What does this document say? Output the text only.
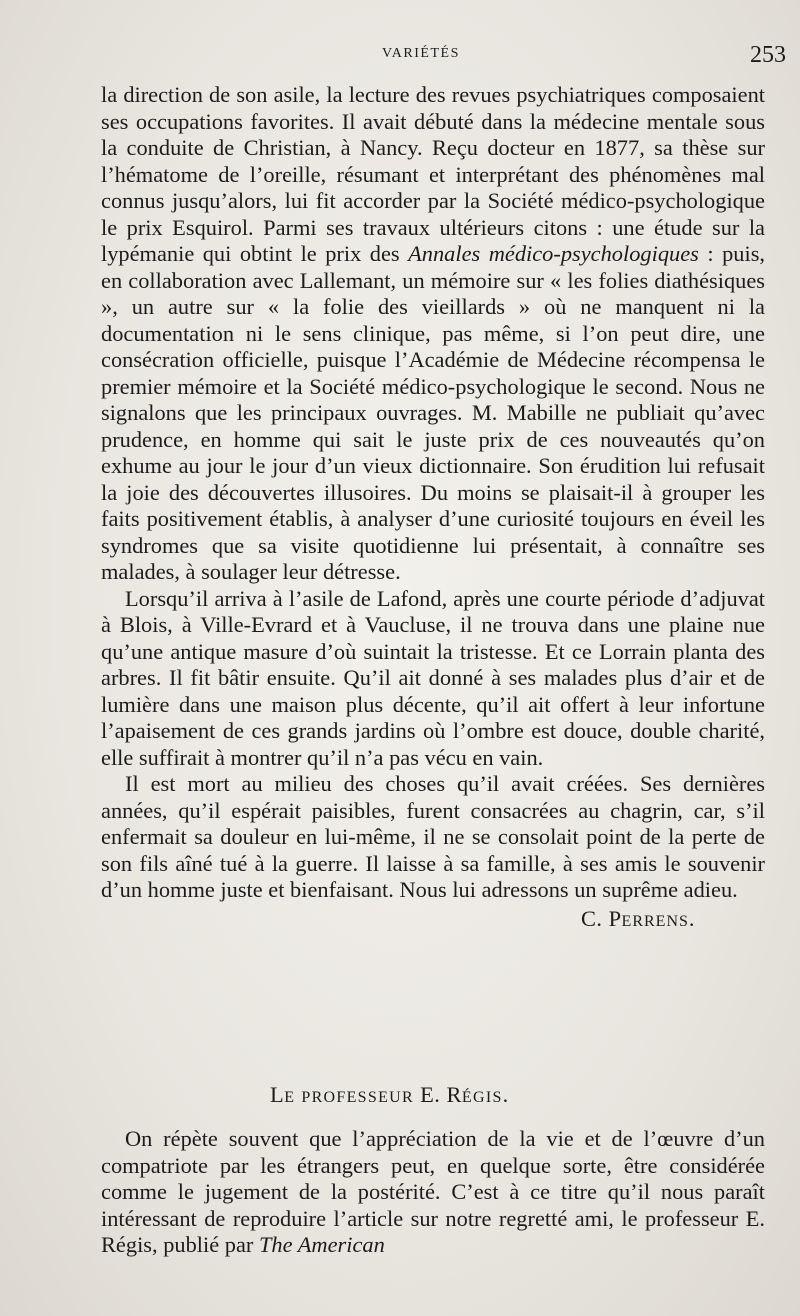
VARIÉTÉS	253

la direction de son asile, la lecture des revues psychiatriques composaient ses occupations favorites. Il avait débuté dans la médecine mentale sous la conduite de Christian, à Nancy. Reçu docteur en 1877, sa thèse sur l’hématome de l’oreille, résumant et interprétant des phénomènes mal connus jusqu’alors, lui fit accorder par la Société médico-psychologique le prix Esquirol. Parmi ses travaux ultérieurs citons : une étude sur la lypémanie qui obtint le prix des Annales médico-psychologiques : puis, en collaboration avec Lallemant, un mémoire sur « les folies diathésiques », un autre sur « la folie des vieillards » où ne manquent ni la documentation ni le sens clinique, pas même, si l’on peut dire, une consécration officielle, puisque l’Académie de Médecine récompensa le premier mémoire et la Société médico-psychologique le second. Nous ne signalons que les principaux ouvrages. M. Mabille ne publiait qu’avec prudence, en homme qui sait le juste prix de ces nouveautés qu’on exhume au jour le jour d’un vieux dictionnaire. Son érudition lui refusait la joie des découvertes illusoires. Du moins se plaisait-il à grouper les faits positivement établis, à analyser d’une curiosité toujours en éveil les syndromes que sa visite quotidienne lui présentait, à connaître ses malades, à soulager leur détresse.

Lorsqu’il arriva à l’asile de Lafond, après une courte période d’adjuvat à Blois, à Ville-Evrard et à Vaucluse, il ne trouva dans une plaine nue qu’une antique masure d’où suintait la tristesse. Et ce Lorrain planta des arbres. Il fit bâtir ensuite. Qu’il ait donné à ses malades plus d’air et de lumière dans une maison plus décente, qu’il ait offert à leur infortune l’apaisement de ces grands jardins où l’ombre est douce, double charité, elle suffirait à montrer qu’il n’a pas vécu en vain.

Il est mort au milieu des choses qu’il avait créées. Ses dernières années, qu’il espérait paisibles, furent consacrées au chagrin, car, s’il enfermait sa douleur en lui-même, il ne se consolait point de la perte de son fils aîné tué à la guerre. Il laisse à sa famille, à ses amis le souvenir d’un homme juste et bienfaisant. Nous lui adressons un suprême adieu.

C. PERRENS.

LE PROFESSEUR E. RÉGIS.

On répète souvent que l’appréciation de la vie et de l’œuvre d’un compatriote par les étrangers peut, en quelque sorte, être considérée comme le jugement de la postérité. C’est à ce titre qu’il nous paraît intéressant de reproduire l’article sur notre regretté ami, le professeur E. Régis, publié par The American
